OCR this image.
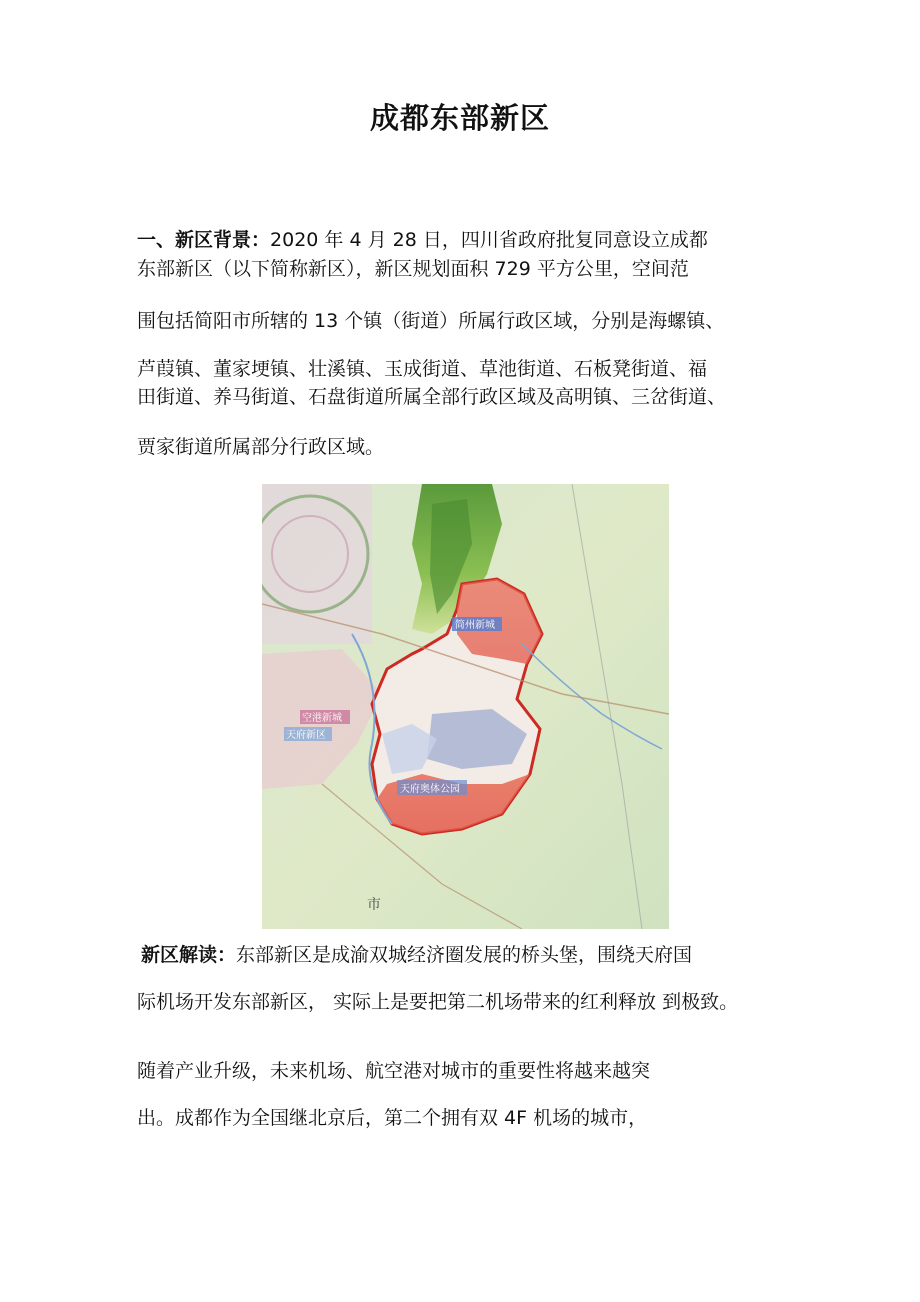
成都东部新区
一、新区背景：2020 年 4 月 28 日，四川省政府批复同意设立成都
东部新区（以下简称新区），新区规划面积 729 平方公里，空间范
围包括简阳市所辖的 13 个镇（街道）所属行政区域，分别是海螺镇、
芦葭镇、董家埂镇、壮溪镇、玉成街道、草池街道、石板凳街道、福
田街道、养马街道、石盘街道所属全部行政区域及高明镇、三岔街道、
贾家街道所属部分行政区域。
简州新城
空港新城
天府新区
天府奥体公园
市
新区解读：东部新区是成渝双城经济圈发展的桥头堡，围绕天府国
际机场开发东部新区， 实际上是要把第二机场带来的红利释放 到极致。
随着产业升级，未来机场、航空港对城市的重要性将越来越突
出。成都作为全国继北京后，第二个拥有双 4F 机场的城市，
